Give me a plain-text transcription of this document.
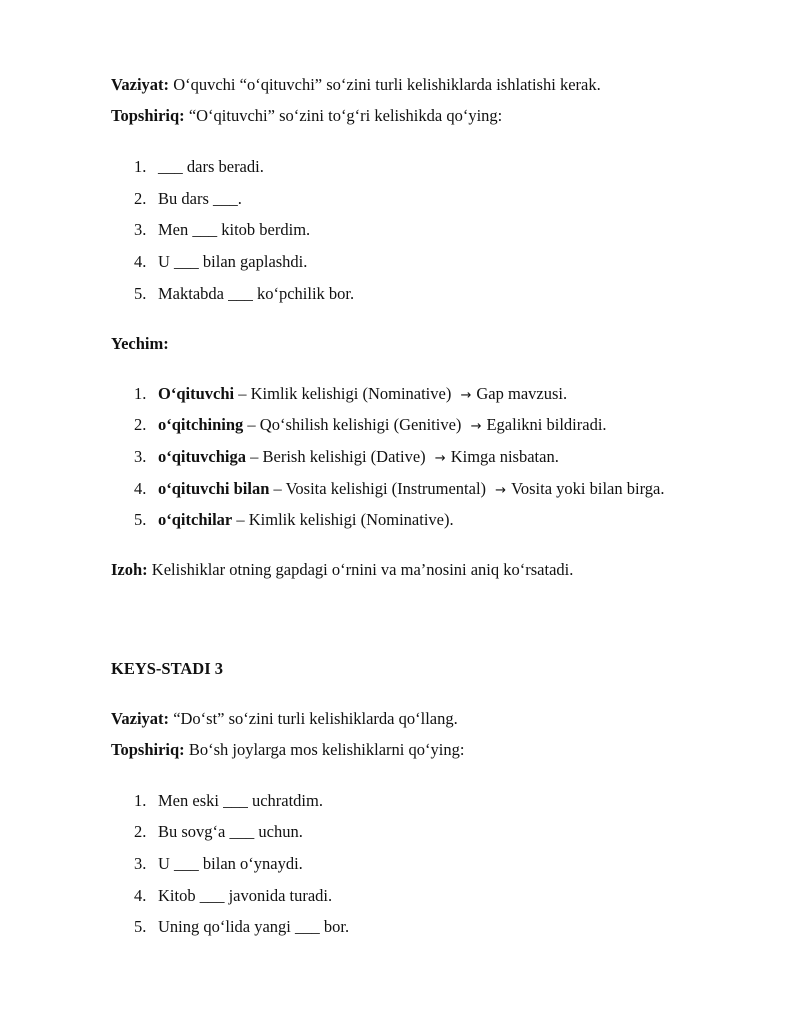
Vaziyat: O‘quvchi “o‘qituvchi” so‘zini turli kelishiklarda ishlatishi kerak.
Topshiriq: “O‘qituvchi” so‘zini to‘g‘ri kelishikda qo‘ying:
1. ___ dars beradi.
2. Bu dars ___.
3. Men ___ kitob berdim.
4. U ___ bilan gaplashdi.
5. Maktabda ___ ko‘pchilik bor.
Yechim:
1. O‘qituvchi – Kimlik kelishigi (Nominative) → Gap mavzusi.
2. o‘qitchining – Qo‘shilish kelishigi (Genitive) → Egalikni bildiradi.
3. o‘qituvchiga – Berish kelishigi (Dative) → Kimga nisbatan.
4. o‘qituvchi bilan – Vosita kelishigi (Instrumental) → Vosita yoki bilan birga.
5. o‘qitchilar – Kimlik kelishigi (Nominative).
Izoh: Kelishiklar otning gapdagi o‘rnini va ma’nosini aniq ko‘rsatadi.
KEYS-STADI 3
Vaziyat: “Do‘st” so‘zini turli kelishiklarda qo‘llang.
Topshiriq: Bo‘sh joylarga mos kelishiklarni qo‘ying:
1. Men eski ___ uchratdim.
2. Bu sovg‘a ___ uchun.
3. U ___ bilan o‘ynaydi.
4. Kitob ___ javonida turadi.
5. Uning qo‘lida yangi ___ bor.
